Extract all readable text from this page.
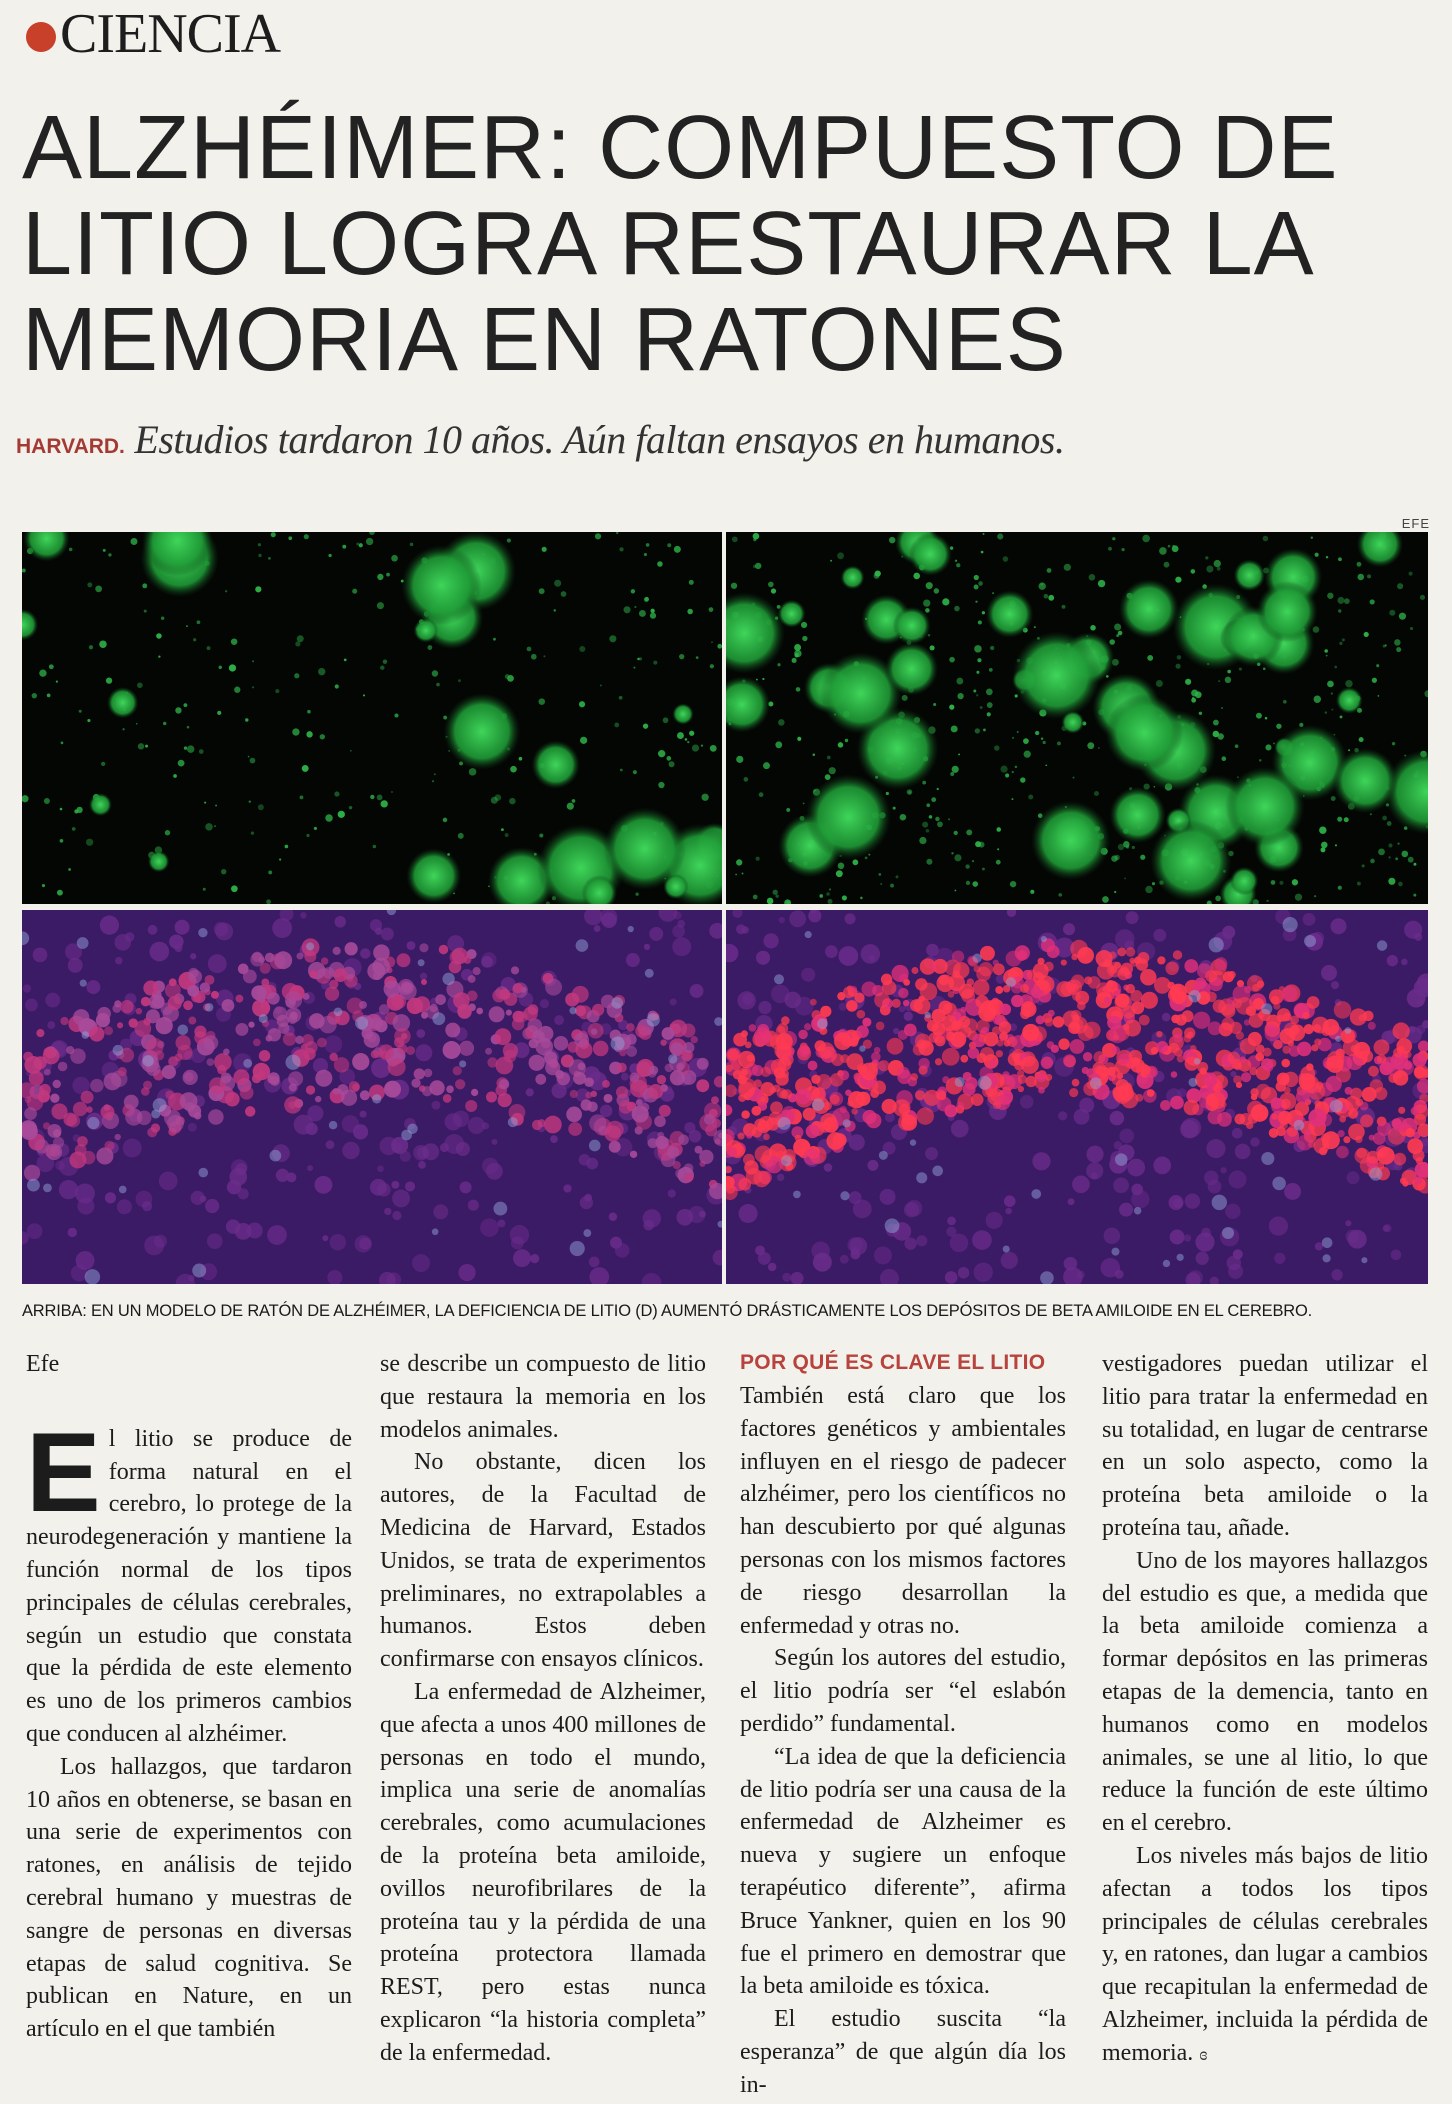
CIENCIA
ALZHÉIMER: COMPUESTO DE LITIO LOGRA RESTAURAR LA MEMORIA EN RATONES
HARVARD. Estudios tardaron 10 años. Aún faltan ensayos en humanos.
EFE
ARRIBA: EN UN MODELO DE RATÓN DE ALZHÉIMER, LA DEFICIENCIA DE LITIO (D) AUMENTÓ DRÁSTICAMENTE LOS DEPÓSITOS DE BETA AMILOIDE EN EL CEREBRO.
Efe

El litio se produce de forma natural en el cerebro, lo protege de la neurodegeneración y mantiene la función normal de los tipos principales de células cerebrales, según un estudio que constata que la pérdida de este elemento es uno de los primeros cambios que conducen al alzhéimer.

Los hallazgos, que tardaron 10 años en obtenerse, se basan en una serie de experimentos con ratones, en análisis de tejido cerebral humano y muestras de sangre de personas en diversas etapas de salud cognitiva. Se publican en Nature, en un artículo en el que también

se describe un compuesto de litio que restaura la memoria en los modelos animales.

No obstante, dicen los autores, de la Facultad de Medicina de Harvard, Estados Unidos, se trata de experimentos preliminares, no extrapolables a humanos. Estos deben confirmarse con ensayos clínicos.

La enfermedad de Alzheimer, que afecta a unos 400 millones de personas en todo el mundo, implica una serie de anomalías cerebrales, como acumulaciones de la proteína beta amiloide, ovillos neurofibrilares de la proteína tau y la pérdida de una proteína protectora llamada REST, pero estas nunca explicaron “la historia completa” de la enfermedad.

POR QUÉ ES CLAVE EL LITIO

También está claro que los factores genéticos y ambientales influyen en el riesgo de padecer alzhéimer, pero los científicos no han descubierto por qué algunas personas con los mismos factores de riesgo desarrollan la enfermedad y otras no.

Según los autores del estudio, el litio podría ser “el eslabón perdido” fundamental.

“La idea de que la deficiencia de litio podría ser una causa de la enfermedad de Alzheimer es nueva y sugiere un enfoque terapéutico diferente”, afirma Bruce Yankner, quien en los 90 fue el primero en demostrar que la beta amiloide es tóxica.

El estudio suscita “la esperanza” de que algún día los in-

vestigadores puedan utilizar el litio para tratar la enfermedad en su totalidad, en lugar de centrarse en un solo aspecto, como la proteína beta amiloide o la proteína tau, añade.

Uno de los mayores hallazgos del estudio es que, a medida que la beta amiloide comienza a formar depósitos en las primeras etapas de la demencia, tanto en humanos como en modelos animales, se une al litio, lo que reduce la función de este último en el cerebro.

Los niveles más bajos de litio afectan a todos los tipos principales de células cerebrales y, en ratones, dan lugar a cambios que recapitulan la enfermedad de Alzheimer, incluida la pérdida de memoria. ɞ
